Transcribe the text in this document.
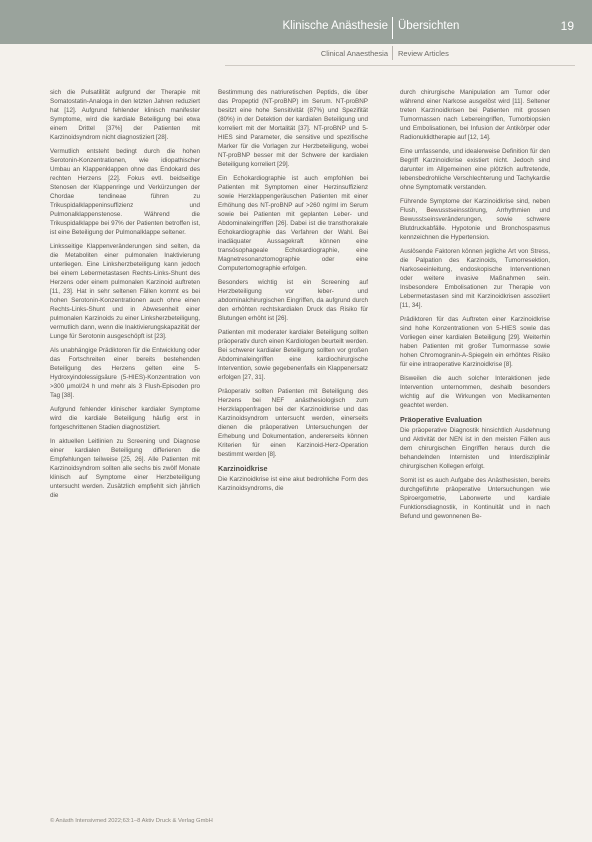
Klinische Anästhesie Übersichten	19
Clinical Anaesthesia Review Articles

sich die Pulsatilität aufgrund der Therapie mit Somatostatin-Analoga in den letzten Jahren reduziert hat [12]. Aufgrund fehlender klinisch manifester Symptome, wird die kardiale Beteiligung bei etwa einem Drittel [37%] der Patienten mit Karzinoidsyndrom nicht diagnostiziert [28].

Vermutlich entsteht bedingt durch die hohen Serotonin-Konzentrationen, wie idiopathischer Umbau an Klappenklappen ohne das Endokard des rechten Herzens [22]. Fokus evtl. beidseitige Stenosen der Klappenringe und Verkürzungen der Chordae tendineae führen zu Trikuspidalklappeninsuffizienz und Pulmonalklappenstenose. Während die Trikuspidalklappe bei 97% der Patienten betroffen ist, ist eine Beteiligung der Pulmonalklappe seltener.

Linksseitige Klappenveränderungen sind selten, da die Metaboliten einer pulmonalen Inaktivierung unterliegen. Eine Linksherzbeteiligung kann jedoch bei einem Lebermetastasen Rechts-Links-Shunt des Herzens oder einem pulmonalen Karzinoid auftreten [11, 23]. Hat in sehr seltenen Fällen kommt es bei hohen Serotonin-Konzentrationen auch ohne einen Rechts-Links-Shunt und in Abwesenheit einer pulmonalen Karzinoids zu einer Linksherzbeteiligung, vermutlich dann, wenn die Inaktivierungskapazität der Lunge für Serotonin ausgeschöpft ist [23].

Als unabhängige Prädiktoren für die Entwicklung oder das Fortschreiten einer bereits bestehenden Beteiligung des Herzens gelten eine 5-Hydroxyindolessigsäure (5-HIES)-Konzentration von >300 µmol/24 h und mehr als 3 Flush-Episoden pro Tag [38].

Aufgrund fehlender klinischer kardialer Symptome wird die kardiale Beteiligung häufig erst in fortgeschrittenen Stadien diagnostiziert.

In aktuellen Leitlinien zu Screening und Diagnose einer kardialen Beteiligung differieren die Empfehlungen teilweise [25, 26]. Alle Patienten mit Karzinoidsyndrom sollten alle sechs bis zwölf Monate klinisch auf Symptome einer Herzbeteiligung untersucht werden. Zusätzlich empfiehlt sich jährlich die

Bestimmung des natriuretischen Peptids, die über das Propeptid (NT-proBNP) im Serum. NT-proBNP besitzt eine hohe Sensitivität (87%) und Spezifität (80%) in der Detektion der kardialen Beteiligung und korreliert mit der Mortalität [37]. NT-proBNP und 5-HIES sind Parameter, die sensitive und spezifische Marker für die Vorlagen zur Herzbeteiligung, wobei NT-proBNP besser mit der Schwere der kardialen Beteiligung korreliert [29].

Ein Echokardiographie ist auch empfohlen bei Patienten mit Symptomen einer Herzinsuffizienz sowie Herzklappengeräuschen Patienten mit einer Erhöhung des NT-proBNP auf >260 ng/ml im Serum sowie bei Patienten mit geplanten Leber- und Abdominaleingriffen [26]. Dabei ist die transthorakale Echokardiographie das Verfahren der Wahl. Bei inadäquater Aussagekraft können eine transösophageale Echokardiographie, eine Magnetresonanztomographie oder eine Computertomographie erfolgen.

Besonders wichtig ist ein Screening auf Herzbeteiligung vor leber- und abdominalchirurgischen Eingriffen, da aufgrund durch den erhöhten rechtskardialen Druck das Risiko für Blutungen erhöht ist [26].

Patienten mit moderater kardialer Beteiligung sollten präoperativ durch einen Kardiologen beurteilt werden. Bei schwerer kardialer Beteiligung sollten vor großen Abdominaleingriffen eine kardiochirurgische Intervention, sowie gegebenenfalls ein Klappenersatz erfolgen [27, 31].

Präoperativ sollten Patienten mit Beteiligung des Herzens bei NEF anästhesiologisch zum Herzklappenfragen bei der Karzinoidkrise und das Karzinoidsyndrom untersucht werden, einerseits dienen die präoperativen Untersuchungen der Erhebung und Dokumentation, andererseits können Kriterien für einen Karzinoid-Herz-Operation bestimmt werden [8].

Karzinoidkrise

Die Karzinoidkrise ist eine akut bedrohliche Form des Karzinoidsyndroms, die

durch chirurgische Manipulation am Tumor oder während einer Narkose ausgelöst wird [11]. Seltener treten Karzinoidkrisen bei Patienten mit grossen Tumormassen nach Lebereingriffen, Tumorbiopsien und Embolisationen, bei Infusion der Antikörper oder Radionuklidtherapie auf [12, 14].

Eine umfassende, und idealerweise Definition für den Begriff Karzinoidkrise existiert nicht. Jedoch sind darunter im Allgemeinen eine plötzlich auftretende, lebensbedrohliche Verschlechterung und Tachykardie ohne Symptomatik verstanden.

Führende Symptome der Karzinoidkrise sind, neben Flush, Bewusstseinsstörung, Arrhythmien und Bewusstseinsveränderungen, sowie schwere Blutdruckabfälle. Hypotonie und Bronchospasmus kennzeichnen die Hypertension.

Auslösende Faktoren können jegliche Art von Stress, die Palpation des Karzinoids, Tumorresektion, Narkoseeinleitung, endoskopische Interventionen oder weitere invasive Maßnahmen sein. Insbesondere Embolisationen zur Therapie von Lebermetastasen sind mit Karzinoidkrisen assoziiert [11, 34].

Prädiktoren für das Auftreten einer Karzinoidkrise sind hohe Konzentrationen von 5-HIES sowie das Vorliegen einer kardialen Beteiligung [29]. Weiterhin haben Patienten mit großer Tumormasse sowie hohen Chromogranin-A-Spiegeln ein erhöhtes Risiko für eine intraoperative Karzinoidkrise [8].

Bisweilen die auch solcher Interaktionen jede Intervention unternommen, deshalb besonders wichtig auf die Wirkungen von Medikamenten geachtet werden.

Präoperative Evaluation

Die präoperative Diagnostik hinsichtlich Ausdehnung und Aktivität der NEN ist in den meisten Fällen aus dem chirurgischen Eingriffen heraus durch die behandelnden Internisten und Interdisziplinär chirurgischen Kollegen erfolgt.

Somit ist es auch Aufgabe des Anästhesisten, bereits durchgeführte präoperative Untersuchungen wie Spiroergometrie, Laborwerte und kardiale Funktionsdiagnostik, in Kontinuität und in nach Befund und gewonnenen Be-

© Anästh Intensivmed 2022;63:1–8 Aktiv Druck & Verlag GmbH
